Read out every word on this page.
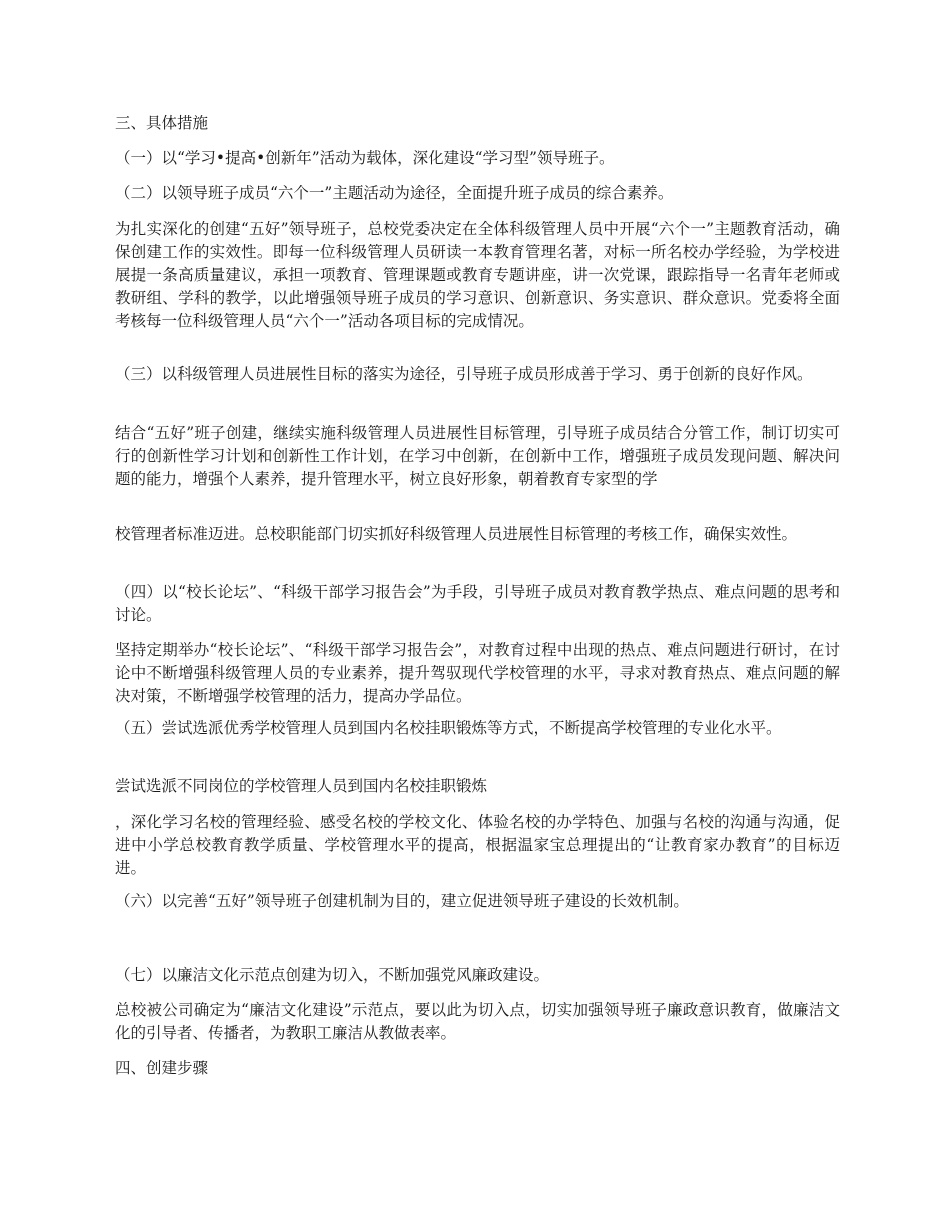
三、具体措施

（一）以“学习•提高•创新年”活动为载体，深化建设“学习型”领导班子。

（二）以领导班子成员“六个一”主题活动为途径，全面提升班子成员的综合素养。

为扎实深化的创建“五好”领导班子，总校党委决定在全体科级管理人员中开展“六个一”主题教育活动，确保创建工作的实效性。即每一位科级管理人员研读一本教育管理名著，对标一所名校办学经验，为学校进展提一条高质量建议，承担一项教育、管理课题或教育专题讲座，讲一次党课，跟踪指导一名青年老师或教研组、学科的教学，以此增强领导班子成员的学习意识、创新意识、务实意识、群众意识。党委将全面考核每一位科级管理人员“六个一”活动各项目标的完成情况。

（三）以科级管理人员进展性目标的落实为途径，引导班子成员形成善于学习、勇于创新的良好作风。

结合“五好”班子创建，继续实施科级管理人员进展性目标管理，引导班子成员结合分管工作，制订切实可行的创新性学习计划和创新性工作计划，在学习中创新，在创新中工作，增强班子成员发现问题、解决问题的能力，增强个人素养，提升管理水平，树立良好形象，朝着教育专家型的学

校管理者标准迈进。总校职能部门切实抓好科级管理人员进展性目标管理的考核工作，确保实效性。

（四）以“校长论坛”、“科级干部学习报告会”为手段，引导班子成员对教育教学热点、难点问题的思考和讨论。

坚持定期举办“校长论坛”、“科级干部学习报告会”，对教育过程中出现的热点、难点问题进行研讨，在讨论中不断增强科级管理人员的专业素养，提升驾驭现代学校管理的水平，寻求对教育热点、难点问题的解决对策，不断增强学校管理的活力，提高办学品位。

（五）尝试选派优秀学校管理人员到国内名校挂职锻炼等方式，不断提高学校管理的专业化水平。

尝试选派不同岗位的学校管理人员到国内名校挂职锻炼

，深化学习名校的管理经验、感受名校的学校文化、体验名校的办学特色、加强与名校的沟通与沟通，促进中小学总校教育教学质量、学校管理水平的提高，根据温家宝总理提出的“让教育家办教育”的目标迈进。

（六）以完善“五好”领导班子创建机制为目的，建立促进领导班子建设的长效机制。

（七）以廉洁文化示范点创建为切入，不断加强党风廉政建设。

总校被公司确定为“廉洁文化建设”示范点，要以此为切入点，切实加强领导班子廉政意识教育，做廉洁文化的引导者、传播者，为教职工廉洁从教做表率。

四、创建步骤
